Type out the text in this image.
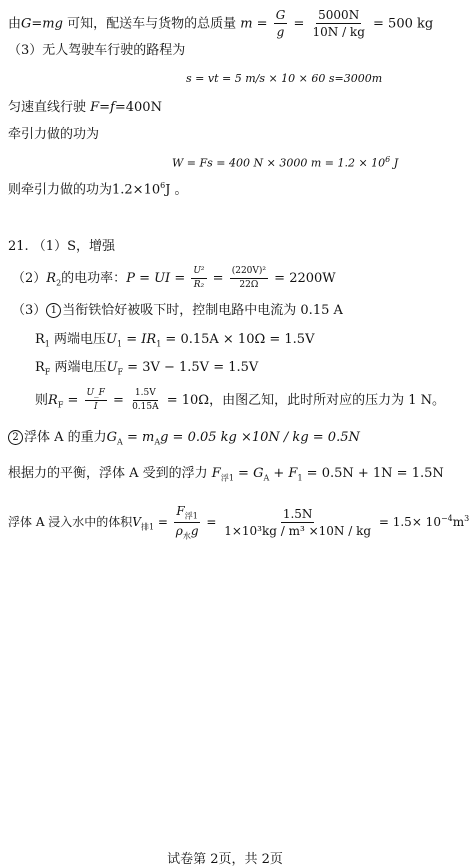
由G=mg 可知，配送车与货物的总质量 $m = \frac{G}{g} = \frac{5000N}{10N / kg} = 500$ kg
（3）无人驾驶车行驶的路程为
s = vt = 5 m/s × 10 × 60 s=3000m
匀速直线行驶 F=f=400N
牵引力做的功为
W = Fs = 400 N × 3000 $m = 1.2 \times 10^6$ J
则牵引力做的功为$1.2\times 10^6J$ 。
21. （1）S，增强
$(2)R_2$的电功率：P = UI = $\frac{\text{U²}}{\text{R₂}} = \frac{\text{(220V)²}}{22\Omega} = 2200W$
（3） 1 当衔铁恰好被吸下时，控制电路中电流为 0.15 A
$R_1$ 两端电压$U_1 = IR_1 = 0.15A \times 10\Omega = 1.5V$
$R_F$ 两端电压$U_F = 3V - 1.5V = 1.5V$
则$R_F = \frac{U\_F}{I} = \frac{1.5V}{0.15A} = 10\Omega$，由图乙知，此时所对应的压力为 1 N。
2 浮体 A 的重力$G_A = m_Ag = 0.05$ kg ×10N / kg = 0.5N
根据力的平衡，浮体 A 受到的浮力 $F_{浮1} = G_A + F_1 = 0.5N + 1N = 1.5N$
浮体 A 浸入水中的体积$V_{排1} = \frac{F_{浮1}}{\rho_水g} = \frac{1.5N}{\text{1×10³kg / m³ ×10N / kg}} = 1.5\times 10^{-4}m^3$
试卷第 2页，共 2页
